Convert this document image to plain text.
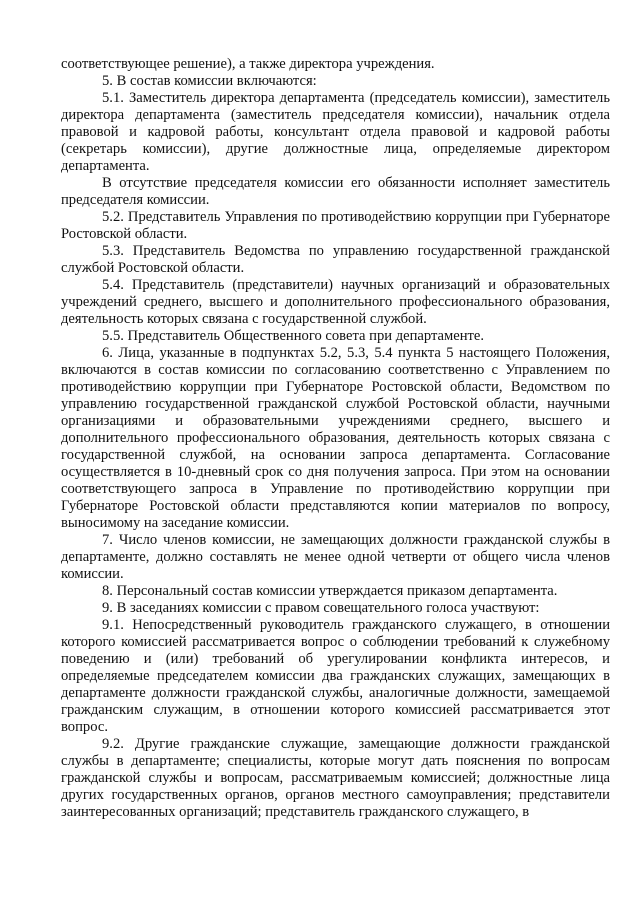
соответствующее решение), а также директора учреждения.

5. В состав комиссии включаются:

5.1. Заместитель директора департамента (председатель комиссии), заместитель директора департамента (заместитель председателя комиссии), начальник отдела правовой и кадровой работы, консультант отдела правовой и кадровой работы (секретарь комиссии), другие должностные лица, определяемые директором департамента.

В отсутствие председателя комиссии его обязанности исполняет заместитель председателя комиссии.

5.2. Представитель Управления по противодействию коррупции при Губернаторе Ростовской области.

5.3. Представитель Ведомства по управлению государственной гражданской службой Ростовской области.

5.4. Представитель (представители) научных организаций и образовательных учреждений среднего, высшего и дополнительного профессионального образования, деятельность которых связана с государственной службой.

5.5. Представитель Общественного совета при департаменте.

6. Лица, указанные в подпунктах 5.2, 5.3, 5.4 пункта 5 настоящего Положения, включаются в состав комиссии по согласованию соответственно с Управлением по противодействию коррупции при Губернаторе Ростовской области, Ведомством по управлению государственной гражданской службой Ростовской области, научными организациями и образовательными учреждениями среднего, высшего и дополнительного профессионального образования, деятельность которых связана с государственной службой, на основании запроса департамента. Согласование осуществляется в 10-дневный срок со дня получения запроса. При этом на основании соответствующего запроса в Управление по противодействию коррупции при Губернаторе Ростовской области представляются копии материалов по вопросу, выносимому на заседание комиссии.

7. Число членов комиссии, не замещающих должности гражданской службы в департаменте, должно составлять не менее одной четверти от общего числа членов комиссии.

8. Персональный состав комиссии утверждается приказом департамента.

9. В заседаниях комиссии с правом совещательного голоса участвуют:

9.1. Непосредственный руководитель гражданского служащего, в отношении которого комиссией рассматривается вопрос о соблюдении требований к служебному поведению и (или) требований об урегулировании конфликта интересов, и определяемые председателем комиссии два гражданских служащих, замещающих в департаменте должности гражданской службы, аналогичные должности, замещаемой гражданским служащим, в отношении которого комиссией рассматривается этот вопрос.

9.2. Другие гражданские служащие, замещающие должности гражданской службы в департаменте; специалисты, которые могут дать пояснения по вопросам гражданской службы и вопросам, рассматриваемым комиссией; должностные лица других государственных органов, органов местного самоуправления; представители заинтересованных организаций; представитель гражданского служащего, в
